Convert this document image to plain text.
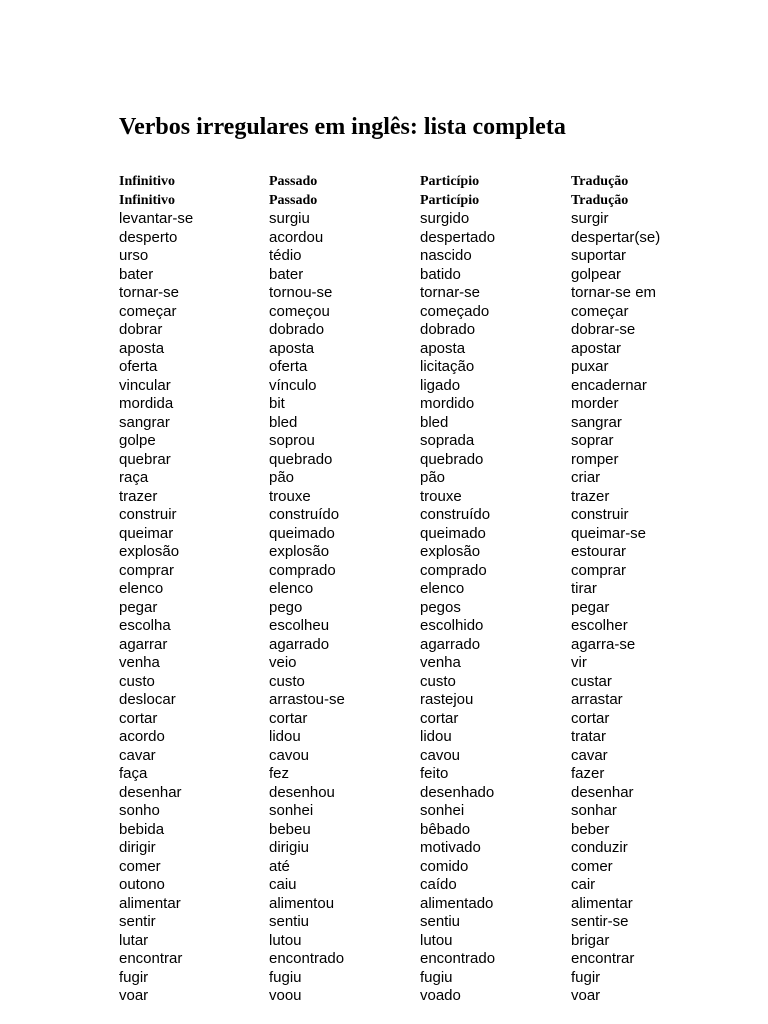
Verbos irregulares em inglês: lista completa
Infinitivo	Passado	Particípio	Tradução
Infinitivo	Passado	Particípio	Tradução
levantar-se	surgiu	surgido	surgir
desperto	acordou	despertado	despertar(se)
urso	tédio	nascido	suportar
bater	bater	batido	golpear
tornar-se	tornou-se	tornar-se	tornar-se em
começar	começou	começado	começar
dobrar	dobrado	dobrado	dobrar-se
aposta	aposta	aposta	apostar
oferta	oferta	licitação	puxar
vincular	vínculo	ligado	encadernar
mordida	bit	mordido	morder
sangrar	bled	bled	sangrar
golpe	soprou	soprada	soprar
quebrar	quebrado	quebrado	romper
raça	pão	pão	criar
trazer	trouxe	trouxe	trazer
construir	construído	construído	construir
queimar	queimado	queimado	queimar-se
explosão	explosão	explosão	estourar
comprar	comprado	comprado	comprar
elenco	elenco	elenco	tirar
pegar	pego	pegos	pegar
escolha	escolheu	escolhido	escolher
agarrar	agarrado	agarrado	agarra-se
venha	veio	venha	vir
custo	custo	custo	custar
deslocar	arrastou-se	rastejou	arrastar
cortar	cortar	cortar	cortar
acordo	lidou	lidou	tratar
cavar	cavou	cavou	cavar
faça	fez	feito	fazer
desenhar	desenhou	desenhado	desenhar
sonho	sonhei	sonhei	sonhar
bebida	bebeu	bêbado	beber
dirigir	dirigiu	motivado	conduzir
comer	até	comido	comer
outono	caiu	caído	cair
alimentar	alimentou	alimentado	alimentar
sentir	sentiu	sentiu	sentir-se
lutar	lutou	lutou	brigar
encontrar	encontrado	encontrado	encontrar
fugir	fugiu	fugiu	fugir
voar	voou	voado	voar
